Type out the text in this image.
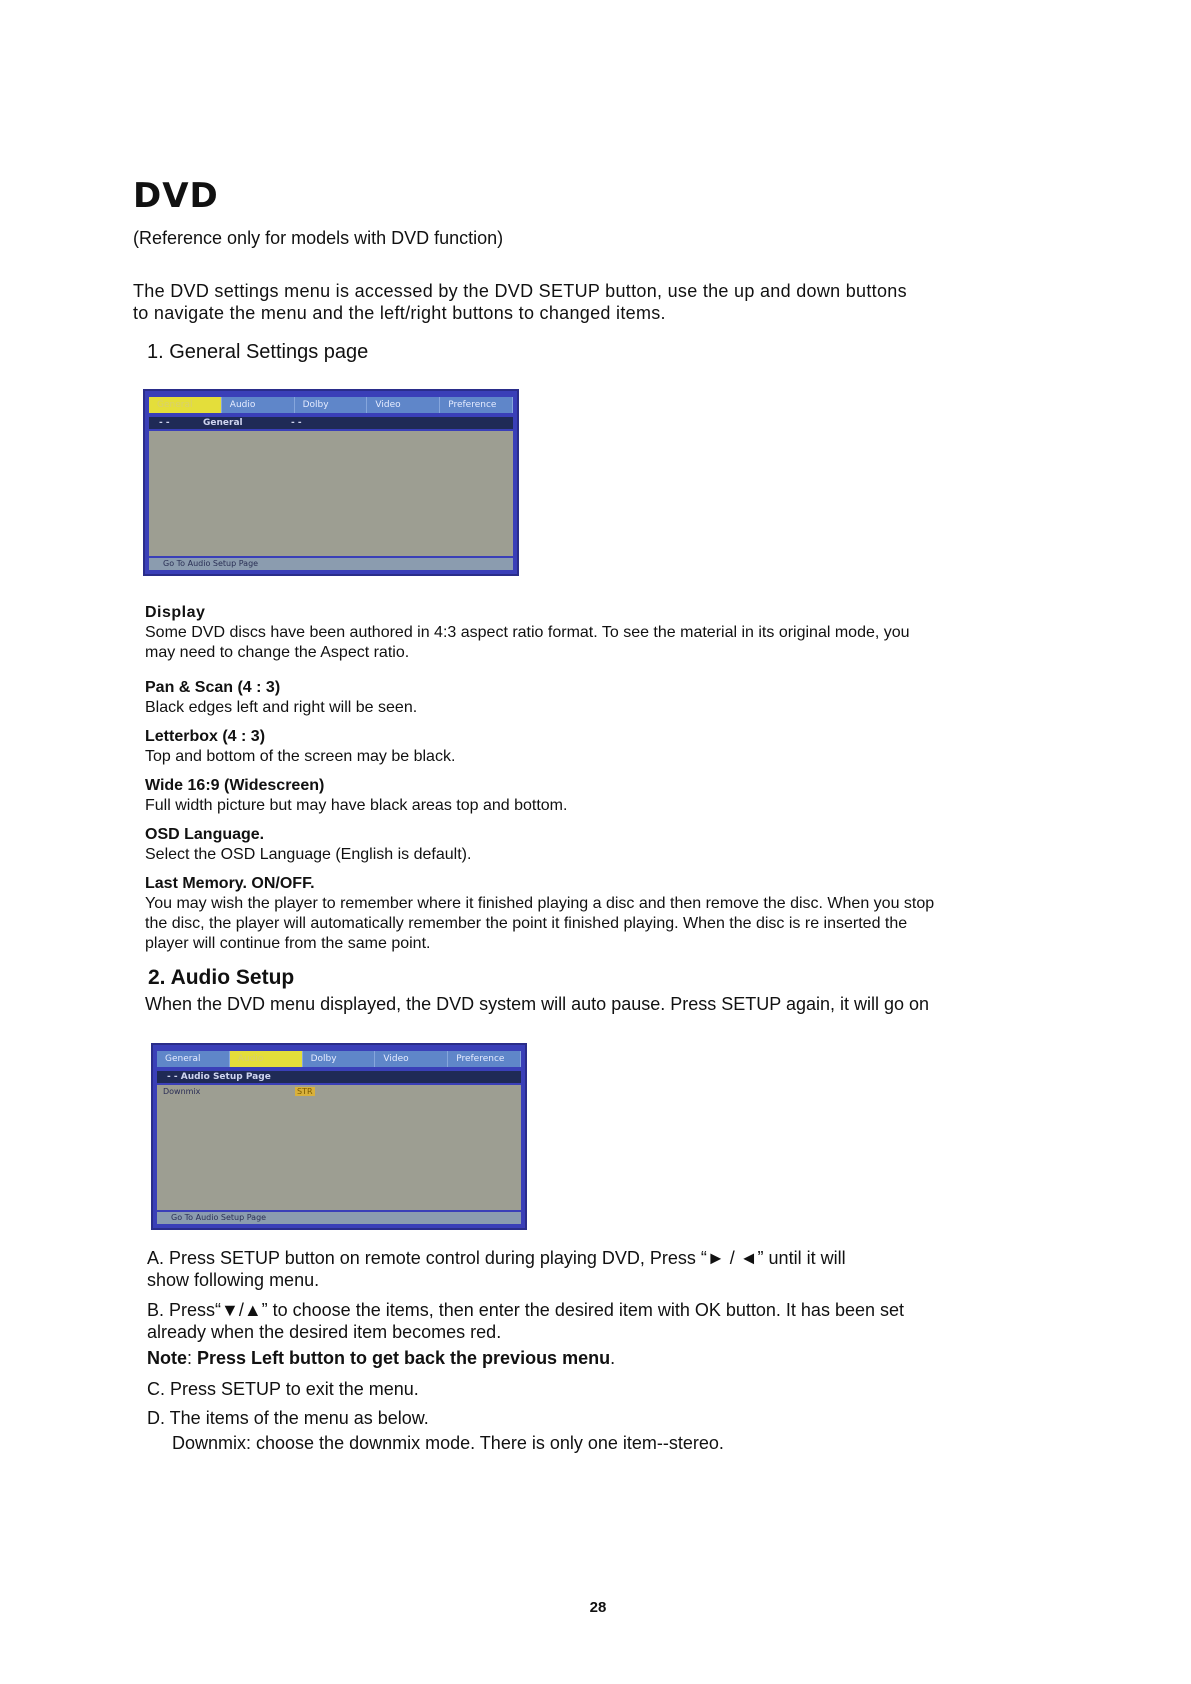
DVD
(Reference only for models with DVD function)
The DVD settings menu is accessed by the DVD SETUP button, use the up and down buttons
to navigate the menu and the left/right buttons to changed items.
1. General Settings page
General	Audio	Dolby	Video	Preference
- -	General	- -
Go To Audio Setup Page
Display
Some DVD discs have been authored in 4:3 aspect ratio format. To see the material in its original mode, you
may need to change the Aspect ratio.
Pan & Scan (4 : 3)
Black edges left and right will be seen.
Letterbox (4 : 3)
Top and bottom of the screen may be black.
Wide 16:9 (Widescreen)
Full width picture but may have black areas top and bottom.
OSD Language.
Select the OSD Language (English is default).
Last Memory. ON/OFF.
You may wish the player to remember where it finished playing a disc and then remove the disc. When you stop
the disc, the player will automatically remember the point it finished playing. When the disc is re inserted the
player will continue from the same point.
2. Audio Setup
When the DVD menu displayed, the DVD system will auto pause. Press SETUP again, it will go on
General	Audio	Dolby	Video	Preference
- - Audio Setup Page
Downmix	STR
Go To Audio Setup Page
A. Press SETUP button on remote control during playing DVD, Press “► / ◄” until it will
show following menu.
B. Press“▼/▲” to choose the items, then enter the desired item with OK button. It has been set
already when the desired item becomes red.
Note: Press Left button to get back the previous menu.
C. Press SETUP to exit the menu.
D. The items of the menu as below.
Downmix: choose the downmix mode. There is only one item--stereo.
28
